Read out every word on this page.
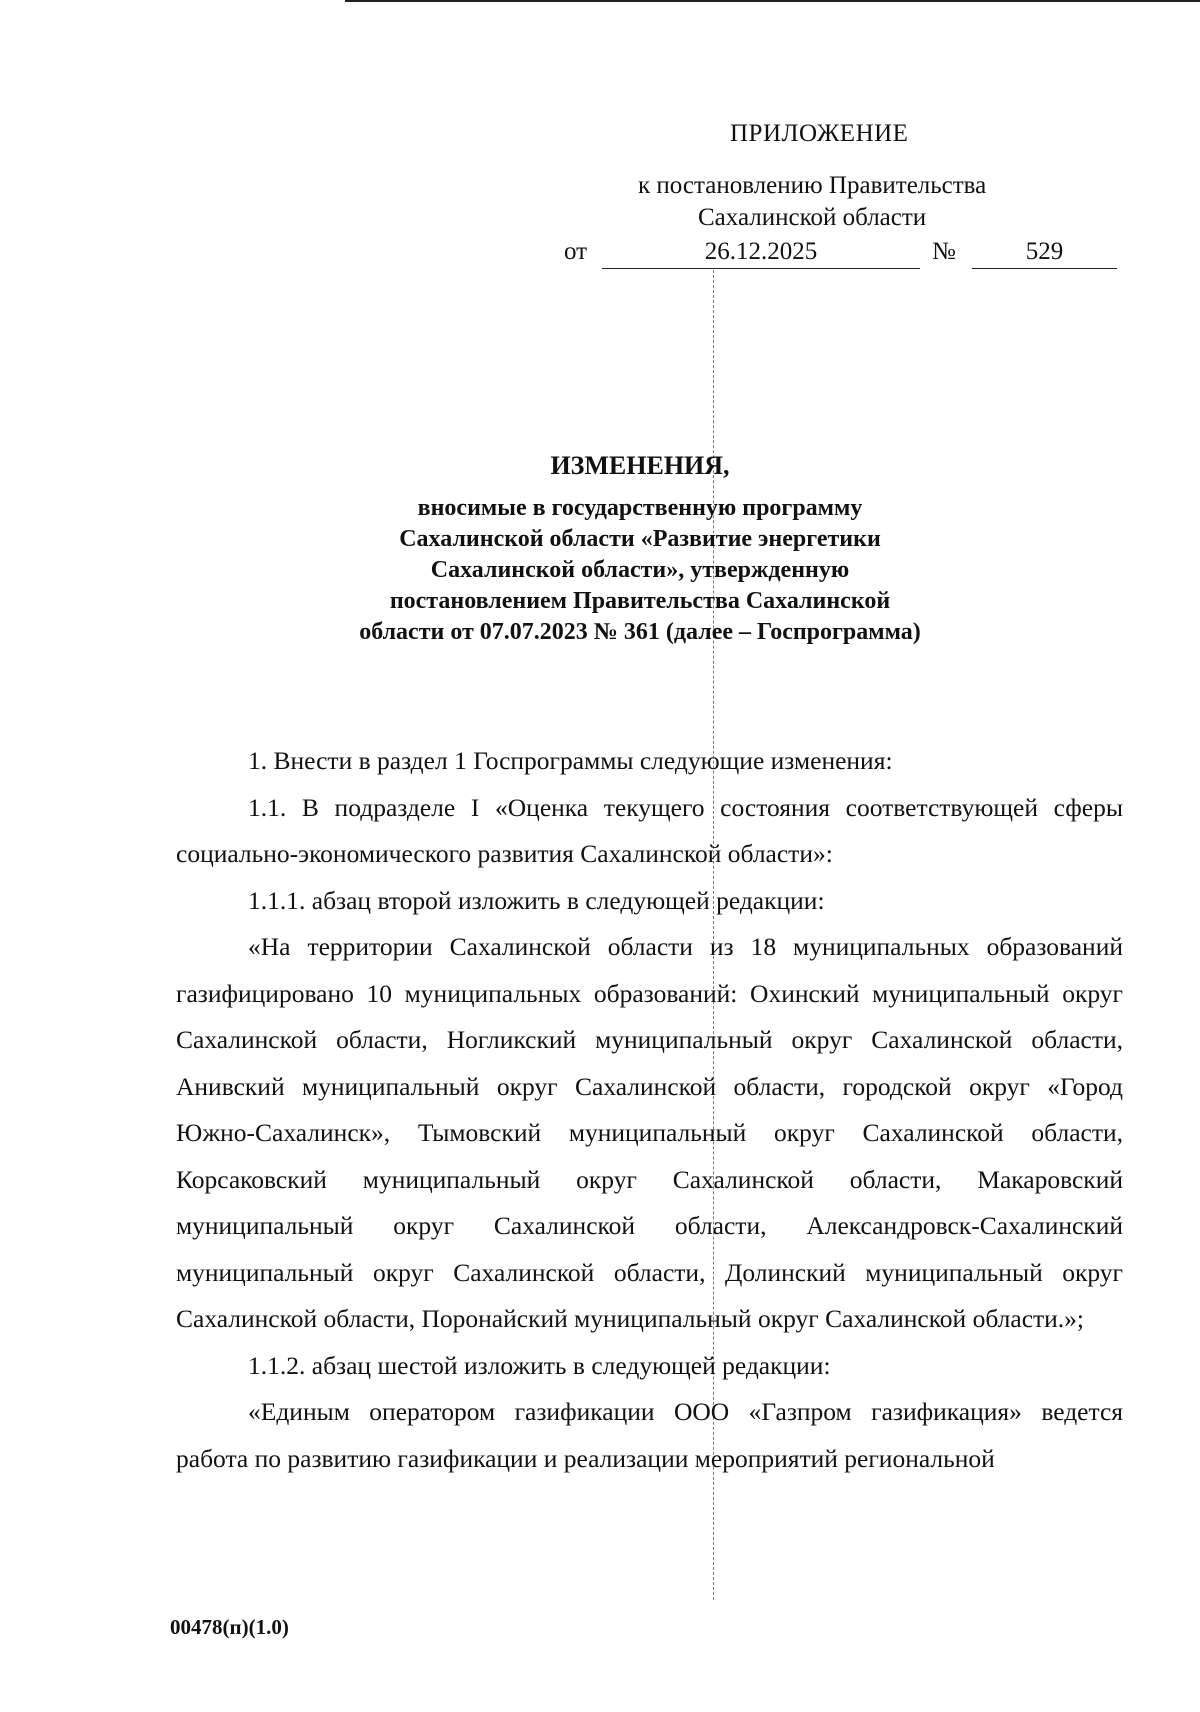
ПРИЛОЖЕНИЕ
к постановлению Правительства
Сахалинской области
от	26.12.2025	№	529
ИЗМЕНЕНИЯ,
вносимые в государственную программу
Сахалинской области «Развитие энергетики
Сахалинской области», утвержденную
постановлением Правительства Сахалинской
области от 07.07.2023 № 361 (далее – Госпрограмма)

1. Внести в раздел 1 Госпрограммы следующие изменения:

1.1. В подразделе I «Оценка текущего состояния соответствующей сферы социально-экономического развития Сахалинской области»:

1.1.1. абзац второй изложить в следующей редакции:

«На территории Сахалинской области из 18 муниципальных образований газифицировано 10 муниципальных образований: Охинский муниципальный округ Сахалинской области, Ногликский муниципальный округ Сахалинской области, Анивский муниципальный округ Сахалинской области, городской округ «Город Южно-Сахалинск», Тымовский муниципальный округ Сахалинской области, Корсаковский муниципальный округ Сахалинской области, Макаровский муниципальный округ Сахалинской области, Александровск-Сахалинский муниципальный округ Сахалинской области, Долинский муниципальный округ Сахалинской области, Поронайский муниципальный округ Сахалинской области.»;

1.1.2. абзац шестой изложить в следующей редакции:

«Единым оператором газификации ООО «Газпром газификация» ведется работа по развитию газификации и реализации мероприятий региональной

00478(п)(1.0)
